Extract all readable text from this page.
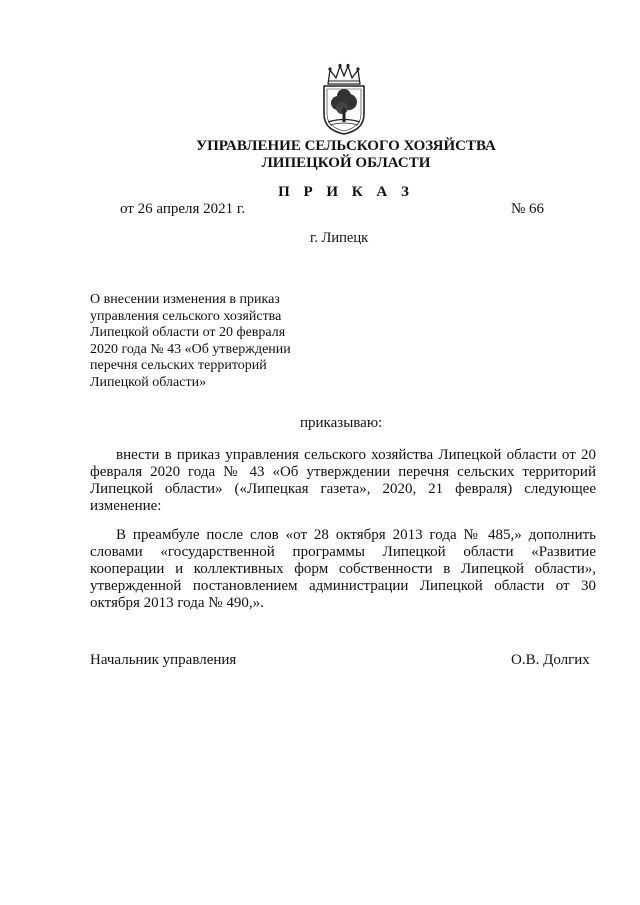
УПРАВЛЕНИЕ СЕЛЬСКОГО ХОЗЯЙСТВА
ЛИПЕЦКОЙ ОБЛАСТИ
П Р И К А З
от 26 апреля 2021 г.	№ 66
г. Липецк
О внесении изменения в приказ
управления сельского хозяйства
Липецкой области от 20 февраля
2020 года № 43 «Об утверждении
перечня сельских территорий
Липецкой области»
приказываю:
внести в приказ управления сельского хозяйства Липецкой области от 20 февраля 2020 года № 43 «Об утверждении перечня сельских территорий Липецкой области» («Липецкая газета», 2020, 21 февраля) следующее изменение:
В преамбуле после слов «от 28 октября 2013 года № 485,» дополнить словами «государственной программы Липецкой области «Развитие кооперации и коллективных форм собственности в Липецкой области», утвержденной постановлением администрации Липецкой области от 30 октября 2013 года № 490,».
Начальник управления	О.В. Долгих
